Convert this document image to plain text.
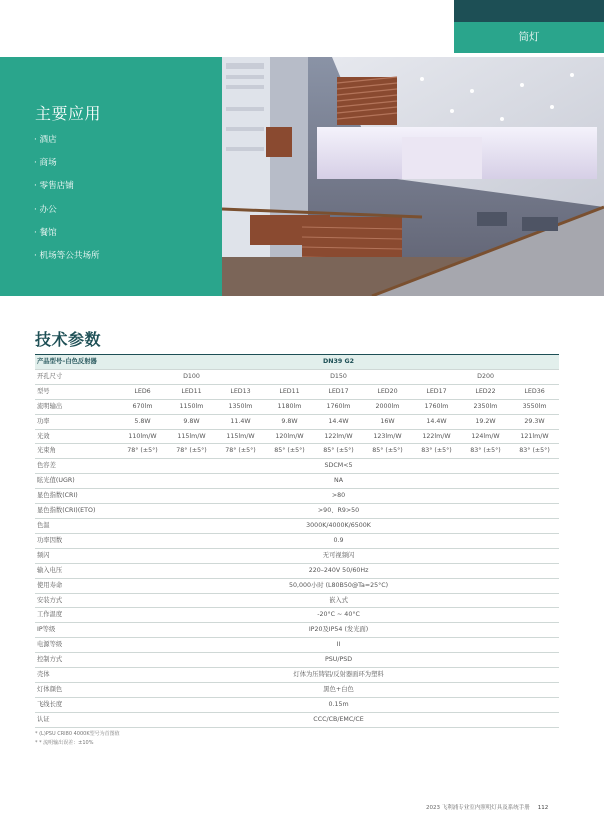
筒灯
主要应用
· 酒店
· 商场
· 零售店铺
· 办公
· 餐馆
· 机场等公共场所
技术参数
产品型号–白色反射器	DN39 G2								
开孔尺寸	D100			D150			D200		
型号	LED6	LED11	LED13	LED11	LED17	LED20	LED17	LED22	LED36
流明输出	670lm	1150lm	1350lm	1180lm	1760lm	2000lm	1760lm	2350lm	3550lm
功率	5.8W	9.8W	11.4W	9.8W	14.4W	16W	14.4W	19.2W	29.3W
光效	110lm/W	115lm/W	115lm/W	120lm/W	122lm/W	123lm/W	122lm/W	124lm/W	121lm/W
光束角	78° (±5°)	78° (±5°)	78° (±5°)	85° (±5°)	85° (±5°)	85° (±5°)	83° (±5°)	83° (±5°)	83° (±5°)
色容差	SDCM<5								
眩光值(UGR)	NA								
显色指数(CRI)	>80								
显色指数(CRI)(ETO)	>90、R9>50								
色温	3000K/4000K/6500K								
功率因数	0.9								
频闪	无可视频闪								
输入电压	220–240V 50/60Hz								
使用寿命	50,000小时 (L80B50@Ta=25°C)								
安装方式	嵌入式								
工作温度	-20°C ~ 40°C								
IP等级	IP20及IP54 (发光面)								
电源等级	II								
控制方式	PSU/PSD								
壳体	灯体为压铸铝/反射器面环为塑料								
灯体颜色	黑色+白色								
飞线长度	0.15m								
认证	CCC/CB/EMC/CE								
* (L)PSU CRI80 4000K型号为首图值
* * 流明输出误差：±10%
2023 飞利浦专业室内照明灯具及系统手册 112
